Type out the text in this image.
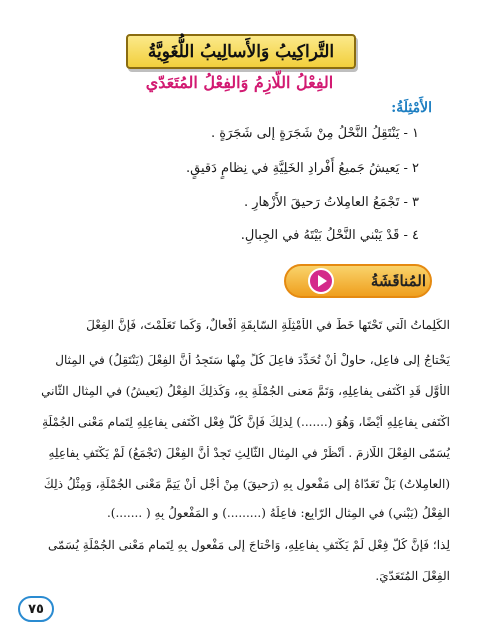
التَّراكِيبُ وَالأَسالِيبُ اللُّغَوِيَّةُ
الفِعْلُ اللّازِمُ وَالفِعْلُ المُتَعَدّي
الأَمْثِلَةُ:
١ - يَنْتَقِلُ النَّحْلُ مِنْ شَجَرَةٍ إلى شَجَرَةٍ .
٢ - يَعيشُ جَميعُ أَفْرادِ الخَلِيَّةِ في نِظامٍ دَقيقٍ.
٣ - تَجْمَعُ العامِلاتُ رَحيقَ الأَزْهارِ .
٤ - قَدْ يَبْني النَّحْلُ بَيْتَهُ في الجِبالِ.
المُناقَشَةُ
الكَلِماتُ الَّتي تَحْتَها خَطٌّ في الأَمْثِلَةِ السّابِقَةِ أَفْعالٌ، وَكَما تَعَلَّمْتَ، فَإنَّ الفِعْلَ
يَحْتاجُ إلى فاعِلٍ، حاوِلْ أَنْ تُحَدِّدَ فاعِلَ كُلٍّ مِنْها سَتَجِدُ أَنَّ الفِعْلَ (يَنْتَقِلُ) في المِثالِ
الأَوَّلِ قَدِ اكْتَفى بِفاعِلِهِ، وَتَمَّ مَعنى الجُمْلَةِ بِهِ، وَكَذلِكَ الفِعْلُ (يَعيشُ) في المِثالِ الثّاني
اكْتَفى بِفاعِلِهِ أَيْضًا، وَهُوَ (.......) لِذلِكَ فَإنَّ كُلَّ فِعْلٍ اكْتَفى بِفاعِلِهِ لِتَمامِ مَعْنى الجُمْلَةِ
يُسَمّى الفِعْلَ اللّازِمَ . اُنْظُرْ في المِثالِ الثّالِثِ تَجِدْ أَنَّ الفِعْلَ (تَجْمَعُ) لَمْ يَكْتَفِ بِفاعِلِهِ
(العامِلاتُ) بَلْ تَعَدّاهُ إلى مَفْعولٍ بِهِ (رَحيقَ) مِنْ أَجْلِ أَنْ يَتِمَّ مَعْنى الجُمْلَةِ، وَمِثْلُ ذلِكَ
الفِعْلُ (يَبْني) في المِثالِ الرّابِعِ: فاعِلُهُ (.........) و المَفْعولُ بِهِ ( .......).
لِذا؛ فَإنَّ كُلَّ فِعْلٍ لَمْ يَكْتَفِ بِفاعِلِهِ، وَاحْتاجَ إلى مَفْعولٍ بِهِ لِتَمامِ مَعْنى الجُمْلَةِ يُسَمّى
الفِعْلَ المُتَعَدّيَ.
٧٥
